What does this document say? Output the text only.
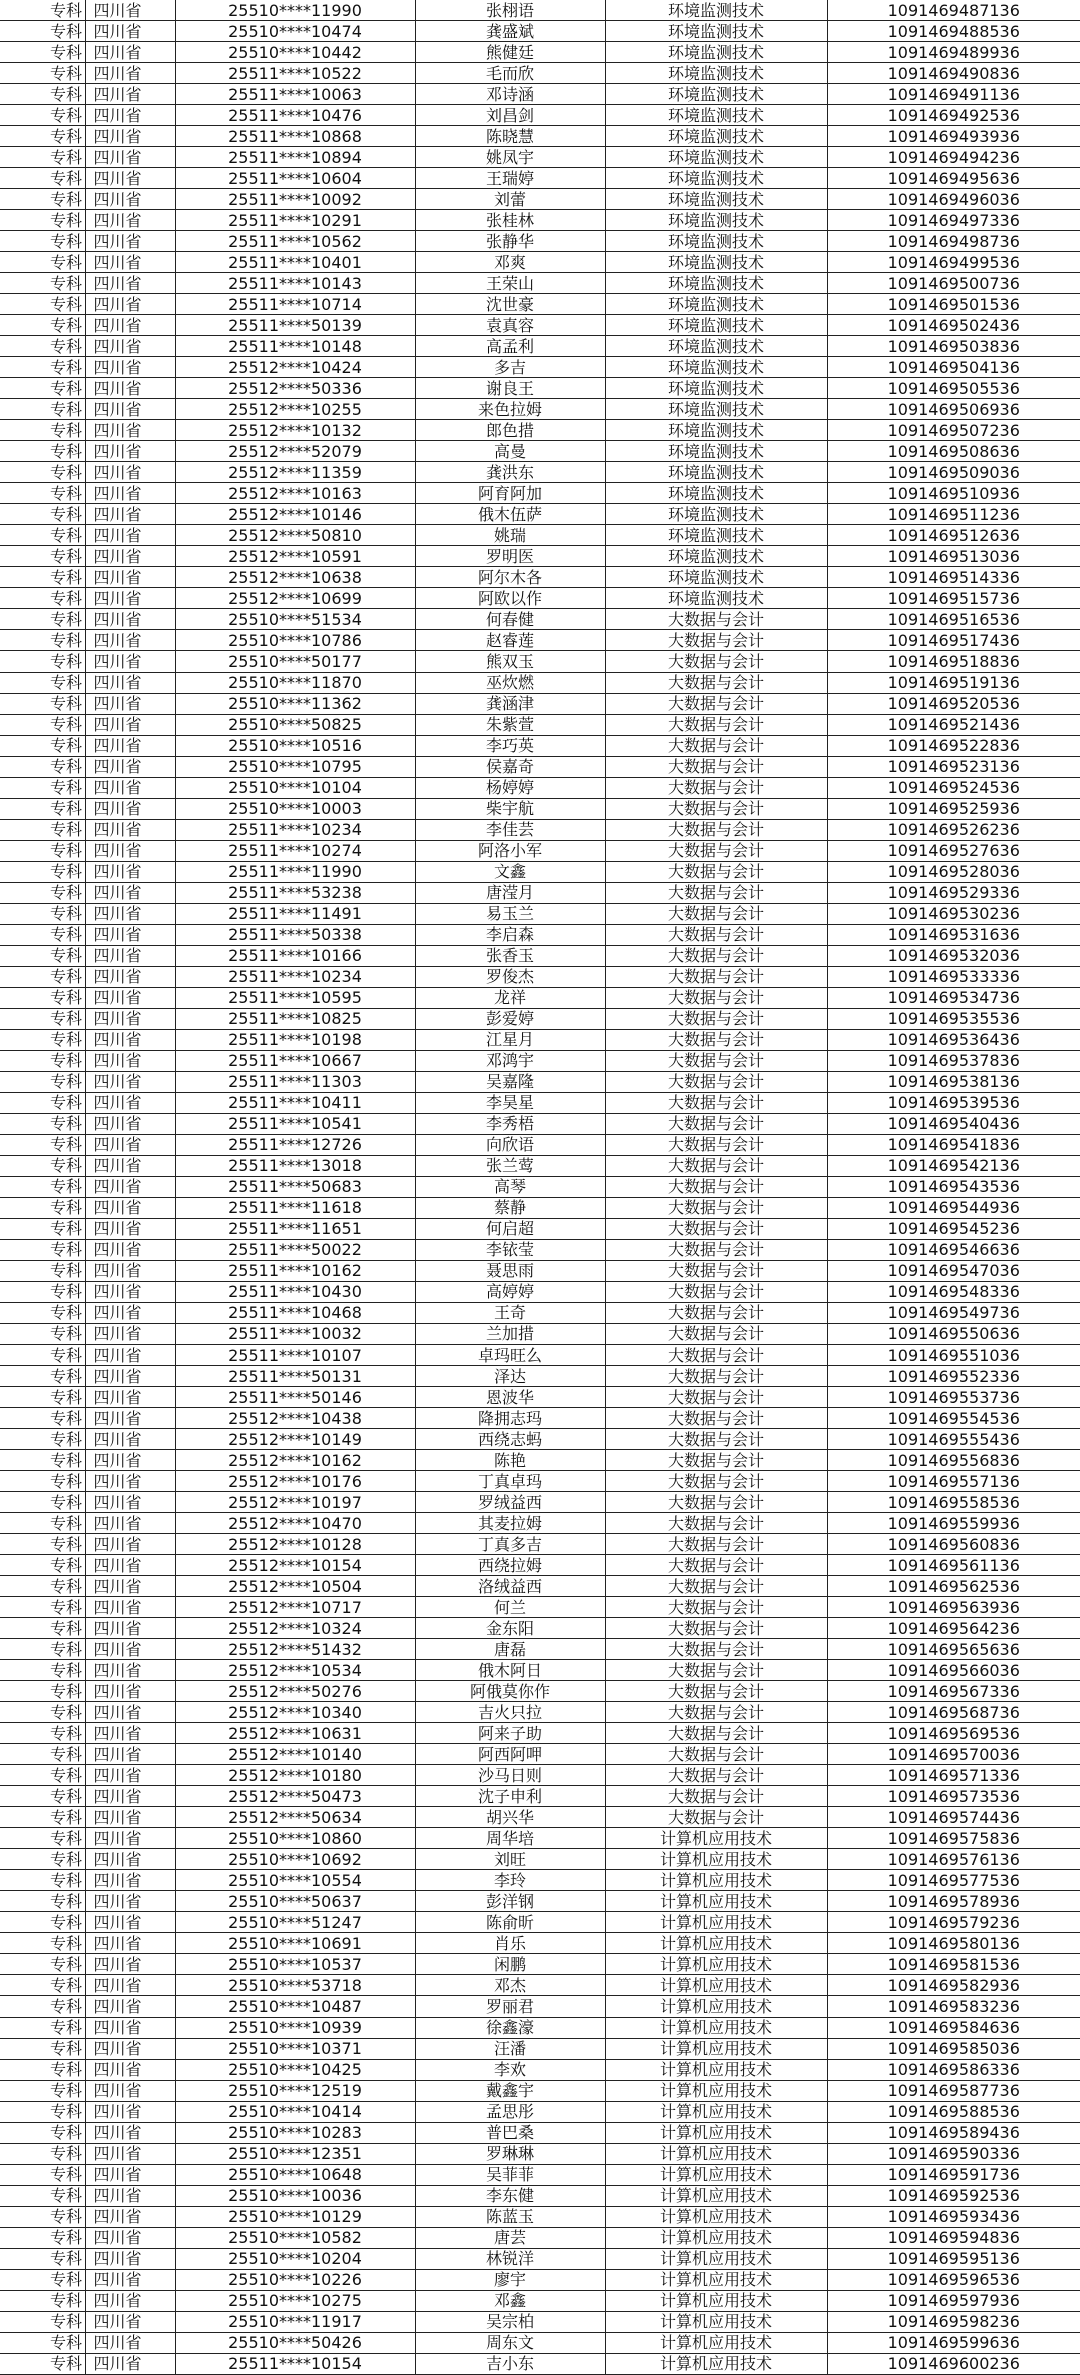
专科	四川省	25510****11990	张栩语	环境监测技术	1091469487136
专科	四川省	25510****10474	龚盛斌	环境监测技术	1091469488536
专科	四川省	25510****10442	熊健廷	环境监测技术	1091469489936
专科	四川省	25511****10522	毛而欣	环境监测技术	1091469490836
专科	四川省	25511****10063	邓诗涵	环境监测技术	1091469491136
专科	四川省	25511****10476	刘昌剑	环境监测技术	1091469492536
专科	四川省	25511****10868	陈晓慧	环境监测技术	1091469493936
专科	四川省	25511****10894	姚凤宇	环境监测技术	1091469494236
专科	四川省	25511****10604	王瑞婷	环境监测技术	1091469495636
专科	四川省	25511****10092	刘蕾	环境监测技术	1091469496036
专科	四川省	25511****10291	张桂林	环境监测技术	1091469497336
专科	四川省	25511****10562	张静华	环境监测技术	1091469498736
专科	四川省	25511****10401	邓爽	环境监测技术	1091469499536
专科	四川省	25511****10143	王荣山	环境监测技术	1091469500736
专科	四川省	25511****10714	沈世豪	环境监测技术	1091469501536
专科	四川省	25511****50139	袁真容	环境监测技术	1091469502436
专科	四川省	25511****10148	高孟利	环境监测技术	1091469503836
专科	四川省	25512****10424	多吉	环境监测技术	1091469504136
专科	四川省	25512****50336	谢良王	环境监测技术	1091469505536
专科	四川省	25512****10255	来色拉姆	环境监测技术	1091469506936
专科	四川省	25512****10132	郎色措	环境监测技术	1091469507236
专科	四川省	25512****52079	高曼	环境监测技术	1091469508636
专科	四川省	25512****11359	龚洪东	环境监测技术	1091469509036
专科	四川省	25512****10163	阿育阿加	环境监测技术	1091469510936
专科	四川省	25512****10146	俄木伍萨	环境监测技术	1091469511236
专科	四川省	25512****50810	姚瑞	环境监测技术	1091469512636
专科	四川省	25512****10591	罗明医	环境监测技术	1091469513036
专科	四川省	25512****10638	阿尔木各	环境监测技术	1091469514336
专科	四川省	25512****10699	阿欧以作	环境监测技术	1091469515736
专科	四川省	25510****51534	何春健	大数据与会计	1091469516536
专科	四川省	25510****10786	赵睿莲	大数据与会计	1091469517436
专科	四川省	25510****50177	熊双玉	大数据与会计	1091469518836
专科	四川省	25510****11870	巫炊燃	大数据与会计	1091469519136
专科	四川省	25510****11362	龚涵津	大数据与会计	1091469520536
专科	四川省	25510****50825	朱紫萱	大数据与会计	1091469521436
专科	四川省	25510****10516	李巧英	大数据与会计	1091469522836
专科	四川省	25510****10795	侯嘉奇	大数据与会计	1091469523136
专科	四川省	25510****10104	杨婷婷	大数据与会计	1091469524536
专科	四川省	25510****10003	柴宇航	大数据与会计	1091469525936
专科	四川省	25511****10234	李佳芸	大数据与会计	1091469526236
专科	四川省	25511****10274	阿洛小军	大数据与会计	1091469527636
专科	四川省	25511****11990	文鑫	大数据与会计	1091469528036
专科	四川省	25511****53238	唐滢月	大数据与会计	1091469529336
专科	四川省	25511****11491	易玉兰	大数据与会计	1091469530236
专科	四川省	25511****50338	李启森	大数据与会计	1091469531636
专科	四川省	25511****10166	张香玉	大数据与会计	1091469532036
专科	四川省	25511****10234	罗俊杰	大数据与会计	1091469533336
专科	四川省	25511****10595	龙祥	大数据与会计	1091469534736
专科	四川省	25511****10825	彭爱婷	大数据与会计	1091469535536
专科	四川省	25511****10198	江星月	大数据与会计	1091469536436
专科	四川省	25511****10667	邓鸿宇	大数据与会计	1091469537836
专科	四川省	25511****11303	吴嘉隆	大数据与会计	1091469538136
专科	四川省	25511****10411	李昊星	大数据与会计	1091469539536
专科	四川省	25511****10541	李秀梧	大数据与会计	1091469540436
专科	四川省	25511****12726	向欣语	大数据与会计	1091469541836
专科	四川省	25511****13018	张兰莺	大数据与会计	1091469542136
专科	四川省	25511****50683	高琴	大数据与会计	1091469543536
专科	四川省	25511****11618	蔡静	大数据与会计	1091469544936
专科	四川省	25511****11651	何启超	大数据与会计	1091469545236
专科	四川省	25511****50022	李铱莹	大数据与会计	1091469546636
专科	四川省	25511****10162	聂思雨	大数据与会计	1091469547036
专科	四川省	25511****10430	高婷婷	大数据与会计	1091469548336
专科	四川省	25511****10468	王奇	大数据与会计	1091469549736
专科	四川省	25511****10032	兰加措	大数据与会计	1091469550636
专科	四川省	25511****10107	卓玛旺么	大数据与会计	1091469551036
专科	四川省	25511****50131	泽达	大数据与会计	1091469552336
专科	四川省	25511****50146	恩波华	大数据与会计	1091469553736
专科	四川省	25512****10438	降拥志玛	大数据与会计	1091469554536
专科	四川省	25512****10149	西绕志蚂	大数据与会计	1091469555436
专科	四川省	25512****10162	陈艳	大数据与会计	1091469556836
专科	四川省	25512****10176	丁真卓玛	大数据与会计	1091469557136
专科	四川省	25512****10197	罗绒益西	大数据与会计	1091469558536
专科	四川省	25512****10470	其麦拉姆	大数据与会计	1091469559936
专科	四川省	25512****10128	丁真多吉	大数据与会计	1091469560836
专科	四川省	25512****10154	西绕拉姆	大数据与会计	1091469561136
专科	四川省	25512****10504	洛绒益西	大数据与会计	1091469562536
专科	四川省	25512****10717	何兰	大数据与会计	1091469563936
专科	四川省	25512****10324	金东阳	大数据与会计	1091469564236
专科	四川省	25512****51432	唐磊	大数据与会计	1091469565636
专科	四川省	25512****10534	俄木阿日	大数据与会计	1091469566036
专科	四川省	25512****50276	阿俄莫你作	大数据与会计	1091469567336
专科	四川省	25512****10340	吉火只拉	大数据与会计	1091469568736
专科	四川省	25512****10631	阿来子助	大数据与会计	1091469569536
专科	四川省	25512****10140	阿西阿呷	大数据与会计	1091469570036
专科	四川省	25512****10180	沙马日则	大数据与会计	1091469571336
专科	四川省	25512****50473	沈子申利	大数据与会计	1091469573536
专科	四川省	25512****50634	胡兴华	大数据与会计	1091469574436
专科	四川省	25510****10860	周华培	计算机应用技术	1091469575836
专科	四川省	25510****10692	刘旺	计算机应用技术	1091469576136
专科	四川省	25510****10554	李玲	计算机应用技术	1091469577536
专科	四川省	25510****50637	彭洋钢	计算机应用技术	1091469578936
专科	四川省	25510****51247	陈俞昕	计算机应用技术	1091469579236
专科	四川省	25510****10691	肖乐	计算机应用技术	1091469580136
专科	四川省	25510****10537	闲鹏	计算机应用技术	1091469581536
专科	四川省	25510****53718	邓杰	计算机应用技术	1091469582936
专科	四川省	25510****10487	罗丽君	计算机应用技术	1091469583236
专科	四川省	25510****10939	徐鑫濠	计算机应用技术	1091469584636
专科	四川省	25510****10371	汪潘	计算机应用技术	1091469585036
专科	四川省	25510****10425	李欢	计算机应用技术	1091469586336
专科	四川省	25510****12519	戴鑫宇	计算机应用技术	1091469587736
专科	四川省	25510****10414	孟思彤	计算机应用技术	1091469588536
专科	四川省	25510****10283	普巴桑	计算机应用技术	1091469589436
专科	四川省	25510****12351	罗琳琳	计算机应用技术	1091469590336
专科	四川省	25510****10648	吴菲菲	计算机应用技术	1091469591736
专科	四川省	25510****10036	李东健	计算机应用技术	1091469592536
专科	四川省	25510****10129	陈蓝玉	计算机应用技术	1091469593436
专科	四川省	25510****10582	唐芸	计算机应用技术	1091469594836
专科	四川省	25510****10204	林锐洋	计算机应用技术	1091469595136
专科	四川省	25510****10226	廖宇	计算机应用技术	1091469596536
专科	四川省	25510****10275	邓鑫	计算机应用技术	1091469597936
专科	四川省	25510****11917	吴宗柏	计算机应用技术	1091469598236
专科	四川省	25510****50426	周东文	计算机应用技术	1091469599636
专科	四川省	25511****10154	吉小东	计算机应用技术	1091469600236
